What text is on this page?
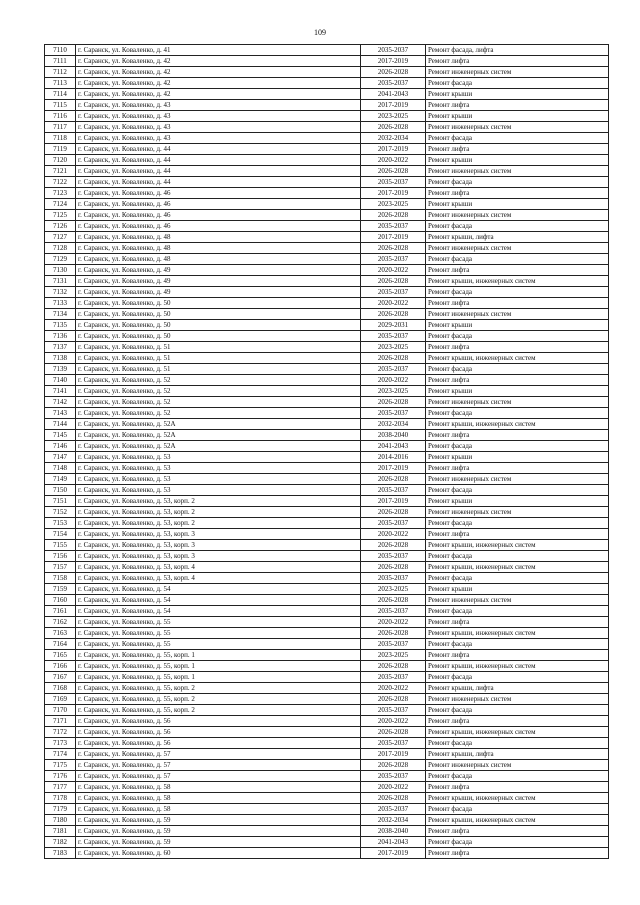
109
7110	г. Саранск, ул. Коваленко, д. 41	2035-2037	Ремонт фасада, лифта
7111	г. Саранск, ул. Коваленко, д. 42	2017-2019	Ремонт лифта
7112	г. Саранск, ул. Коваленко, д. 42	2026-2028	Ремонт инженерных систем
7113	г. Саранск, ул. Коваленко, д. 42	2035-2037	Ремонт фасада
7114	г. Саранск, ул. Коваленко, д. 42	2041-2043	Ремонт крыши
7115	г. Саранск, ул. Коваленко, д. 43	2017-2019	Ремонт лифта
7116	г. Саранск, ул. Коваленко, д. 43	2023-2025	Ремонт крыши
7117	г. Саранск, ул. Коваленко, д. 43	2026-2028	Ремонт инженерных систем
7118	г. Саранск, ул. Коваленко, д. 43	2032-2034	Ремонт фасада
7119	г. Саранск, ул. Коваленко, д. 44	2017-2019	Ремонт лифта
7120	г. Саранск, ул. Коваленко, д. 44	2020-2022	Ремонт крыши
7121	г. Саранск, ул. Коваленко, д. 44	2026-2028	Ремонт инженерных систем
7122	г. Саранск, ул. Коваленко, д. 44	2035-2037	Ремонт фасада
7123	г. Саранск, ул. Коваленко, д. 46	2017-2019	Ремонт лифта
7124	г. Саранск, ул. Коваленко, д. 46	2023-2025	Ремонт крыши
7125	г. Саранск, ул. Коваленко, д. 46	2026-2028	Ремонт инженерных систем
7126	г. Саранск, ул. Коваленко, д. 46	2035-2037	Ремонт фасада
7127	г. Саранск, ул. Коваленко, д. 48	2017-2019	Ремонт крыши, лифта
7128	г. Саранск, ул. Коваленко, д. 48	2026-2028	Ремонт инженерных систем
7129	г. Саранск, ул. Коваленко, д. 48	2035-2037	Ремонт фасада
7130	г. Саранск, ул. Коваленко, д. 49	2020-2022	Ремонт лифта
7131	г. Саранск, ул. Коваленко, д. 49	2026-2028	Ремонт крыши, инженерных систем
7132	г. Саранск, ул. Коваленко, д. 49	2035-2037	Ремонт фасада
7133	г. Саранск, ул. Коваленко, д. 50	2020-2022	Ремонт лифта
7134	г. Саранск, ул. Коваленко, д. 50	2026-2028	Ремонт инженерных систем
7135	г. Саранск, ул. Коваленко, д. 50	2029-2031	Ремонт крыши
7136	г. Саранск, ул. Коваленко, д. 50	2035-2037	Ремонт фасада
7137	г. Саранск, ул. Коваленко, д. 51	2023-2025	Ремонт лифта
7138	г. Саранск, ул. Коваленко, д. 51	2026-2028	Ремонт крыши, инженерных систем
7139	г. Саранск, ул. Коваленко, д. 51	2035-2037	Ремонт фасада
7140	г. Саранск, ул. Коваленко, д. 52	2020-2022	Ремонт лифта
7141	г. Саранск, ул. Коваленко, д. 52	2023-2025	Ремонт крыши
7142	г. Саранск, ул. Коваленко, д. 52	2026-2028	Ремонт инженерных систем
7143	г. Саранск, ул. Коваленко, д. 52	2035-2037	Ремонт фасада
7144	г. Саранск, ул. Коваленко, д. 52А	2032-2034	Ремонт крыши, инженерных систем
7145	г. Саранск, ул. Коваленко, д. 52А	2038-2040	Ремонт лифта
7146	г. Саранск, ул. Коваленко, д. 52А	2041-2043	Ремонт фасада
7147	г. Саранск, ул. Коваленко, д. 53	2014-2016	Ремонт крыши
7148	г. Саранск, ул. Коваленко, д. 53	2017-2019	Ремонт лифта
7149	г. Саранск, ул. Коваленко, д. 53	2026-2028	Ремонт инженерных систем
7150	г. Саранск, ул. Коваленко, д. 53	2035-2037	Ремонт фасада
7151	г. Саранск, ул. Коваленко, д. 53, корп. 2	2017-2019	Ремонт крыши
7152	г. Саранск, ул. Коваленко, д. 53, корп. 2	2026-2028	Ремонт инженерных систем
7153	г. Саранск, ул. Коваленко, д. 53, корп. 2	2035-2037	Ремонт фасада
7154	г. Саранск, ул. Коваленко, д. 53, корп. 3	2020-2022	Ремонт лифта
7155	г. Саранск, ул. Коваленко, д. 53, корп. 3	2026-2028	Ремонт крыши, инженерных систем
7156	г. Саранск, ул. Коваленко, д. 53, корп. 3	2035-2037	Ремонт фасада
7157	г. Саранск, ул. Коваленко, д. 53, корп. 4	2026-2028	Ремонт крыши, инженерных систем
7158	г. Саранск, ул. Коваленко, д. 53, корп. 4	2035-2037	Ремонт фасада
7159	г. Саранск, ул. Коваленко, д. 54	2023-2025	Ремонт крыши
7160	г. Саранск, ул. Коваленко, д. 54	2026-2028	Ремонт инженерных систем
7161	г. Саранск, ул. Коваленко, д. 54	2035-2037	Ремонт фасада
7162	г. Саранск, ул. Коваленко, д. 55	2020-2022	Ремонт лифта
7163	г. Саранск, ул. Коваленко, д. 55	2026-2028	Ремонт крыши, инженерных систем
7164	г. Саранск, ул. Коваленко, д. 55	2035-2037	Ремонт фасада
7165	г. Саранск, ул. Коваленко, д. 55, корп. 1	2023-2025	Ремонт лифта
7166	г. Саранск, ул. Коваленко, д. 55, корп. 1	2026-2028	Ремонт крыши, инженерных систем
7167	г. Саранск, ул. Коваленко, д. 55, корп. 1	2035-2037	Ремонт фасада
7168	г. Саранск, ул. Коваленко, д. 55, корп. 2	2020-2022	Ремонт крыши, лифта
7169	г. Саранск, ул. Коваленко, д. 55, корп. 2	2026-2028	Ремонт инженерных систем
7170	г. Саранск, ул. Коваленко, д. 55, корп. 2	2035-2037	Ремонт фасада
7171	г. Саранск, ул. Коваленко, д. 56	2020-2022	Ремонт лифта
7172	г. Саранск, ул. Коваленко, д. 56	2026-2028	Ремонт крыши, инженерных систем
7173	г. Саранск, ул. Коваленко, д. 56	2035-2037	Ремонт фасада
7174	г. Саранск, ул. Коваленко, д. 57	2017-2019	Ремонт крыши, лифта
7175	г. Саранск, ул. Коваленко, д. 57	2026-2028	Ремонт инженерных систем
7176	г. Саранск, ул. Коваленко, д. 57	2035-2037	Ремонт фасада
7177	г. Саранск, ул. Коваленко, д. 58	2020-2022	Ремонт лифта
7178	г. Саранск, ул. Коваленко, д. 58	2026-2028	Ремонт крыши, инженерных систем
7179	г. Саранск, ул. Коваленко, д. 58	2035-2037	Ремонт фасада
7180	г. Саранск, ул. Коваленко, д. 59	2032-2034	Ремонт крыши, инженерных систем
7181	г. Саранск, ул. Коваленко, д. 59	2038-2040	Ремонт лифта
7182	г. Саранск, ул. Коваленко, д. 59	2041-2043	Ремонт фасада
7183	г. Саранск, ул. Коваленко, д. 60	2017-2019	Ремонт лифта
